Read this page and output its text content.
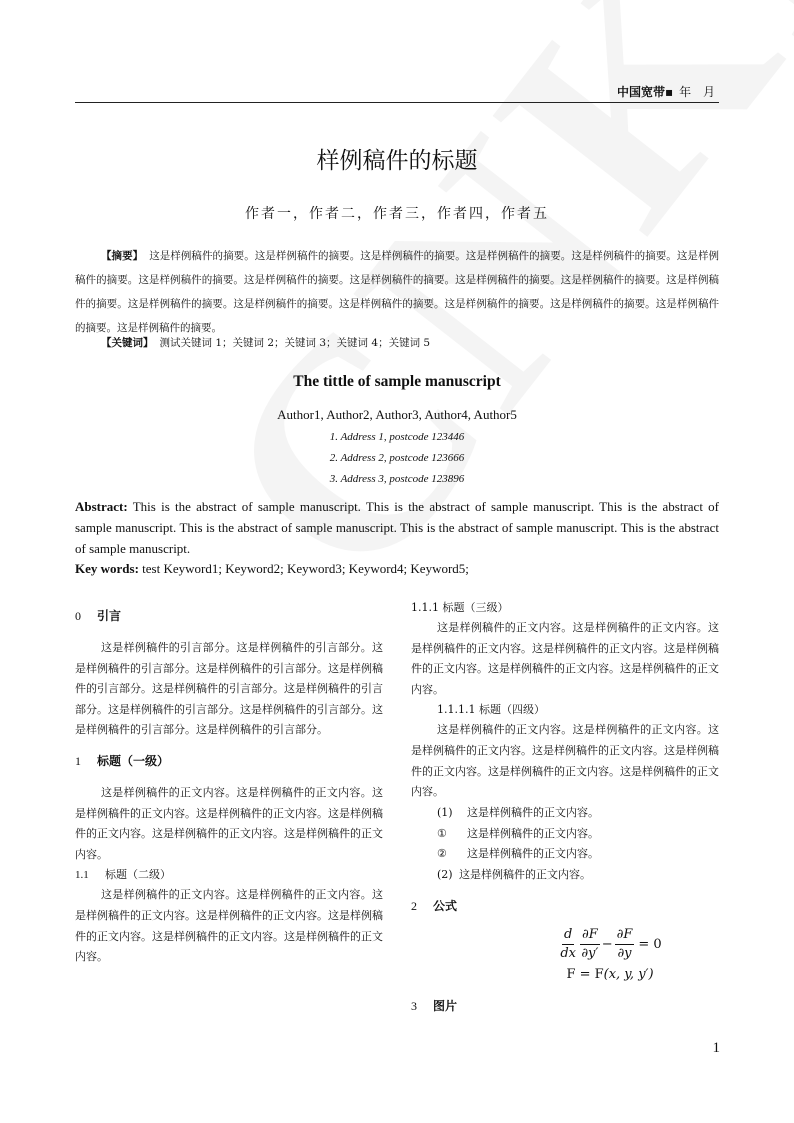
中国宽带▪ 年 月
样例稿件的标题
作者一，作者二，作者三，作者四，作者五
【摘要】 这是样例稿件的摘要。这是样例稿件的摘要。这是样例稿件的摘要。这是样例稿件的摘要。这是样例稿件的摘要。这是样例稿件的摘要。这是样例稿件的摘要。这是样例稿件的摘要。这是样例稿件的摘要。这是样例稿件的摘要。这是样例稿件的摘要。这是样例稿件的摘要。这是样例稿件的摘要。这是样例稿件的摘要。这是样例稿件的摘要。这是样例稿件的摘要。这是样例稿件的摘要。这是样例稿件的摘要。这是样例稿件的摘要。
【关键词】 测试关键词 1；关键词 2；关键词 3；关键词 4；关键词 5
The tittle of sample manuscript
Author1, Author2, Author3, Author4, Author5
1. Address 1, postcode 123446
2. Address 2, postcode 123666
3. Address 3, postcode 123896
Abstract: This is the abstract of sample manuscript. This is the abstract of sample manuscript. This is the abstract of sample manuscript. This is the abstract of sample manuscript. This is the abstract of sample manuscript. This is the abstract of sample manuscript.
Key words: test Keyword1; Keyword2; Keyword3; Keyword4; Keyword5;

0 引言

这是样例稿件的引言部分。这是样例稿件的引言部分。这是样例稿件的引言部分。这是样例稿件的引言部分。这是样例稿件的引言部分。这是样例稿件的引言部分。这是样例稿件的引言部分。这是样例稿件的引言部分。这是样例稿件的引言部分。这是样例稿件的引言部分。这是样例稿件的引言部分。

1 标题（一级）

这是样例稿件的正文内容。这是样例稿件的正文内容。这是样例稿件的正文内容。这是样例稿件的正文内容。这是样例稿件的正文内容。这是样例稿件的正文内容。这是样例稿件的正文内容。

1.1 标题（二级）

这是样例稿件的正文内容。这是样例稿件的正文内容。这是样例稿件的正文内容。这是样例稿件的正文内容。这是样例稿件的正文内容。这是样例稿件的正文内容。这是样例稿件的正文内容。

1.1.1 标题（三级）

这是样例稿件的正文内容。这是样例稿件的正文内容。这是样例稿件的正文内容。这是样例稿件的正文内容。这是样例稿件的正文内容。这是样例稿件的正文内容。这是样例稿件的正文内容。

1.1.1.1 标题（四级）

这是样例稿件的正文内容。这是样例稿件的正文内容。这是样例稿件的正文内容。这是样例稿件的正文内容。这是样例稿件的正文内容。这是样例稿件的正文内容。这是样例稿件的正文内容。

(1) 这是样例稿件的正文内容。

① 这是样例稿件的正文内容。

② 这是样例稿件的正文内容。

(2) 这是样例稿件的正文内容。

2 公式

$\frac{d}{dx} \frac{\partial F}{\partial y'} - \frac{\partial F}{\partial y} = 0$
F = F (x, y, y′)

3 图片

1
